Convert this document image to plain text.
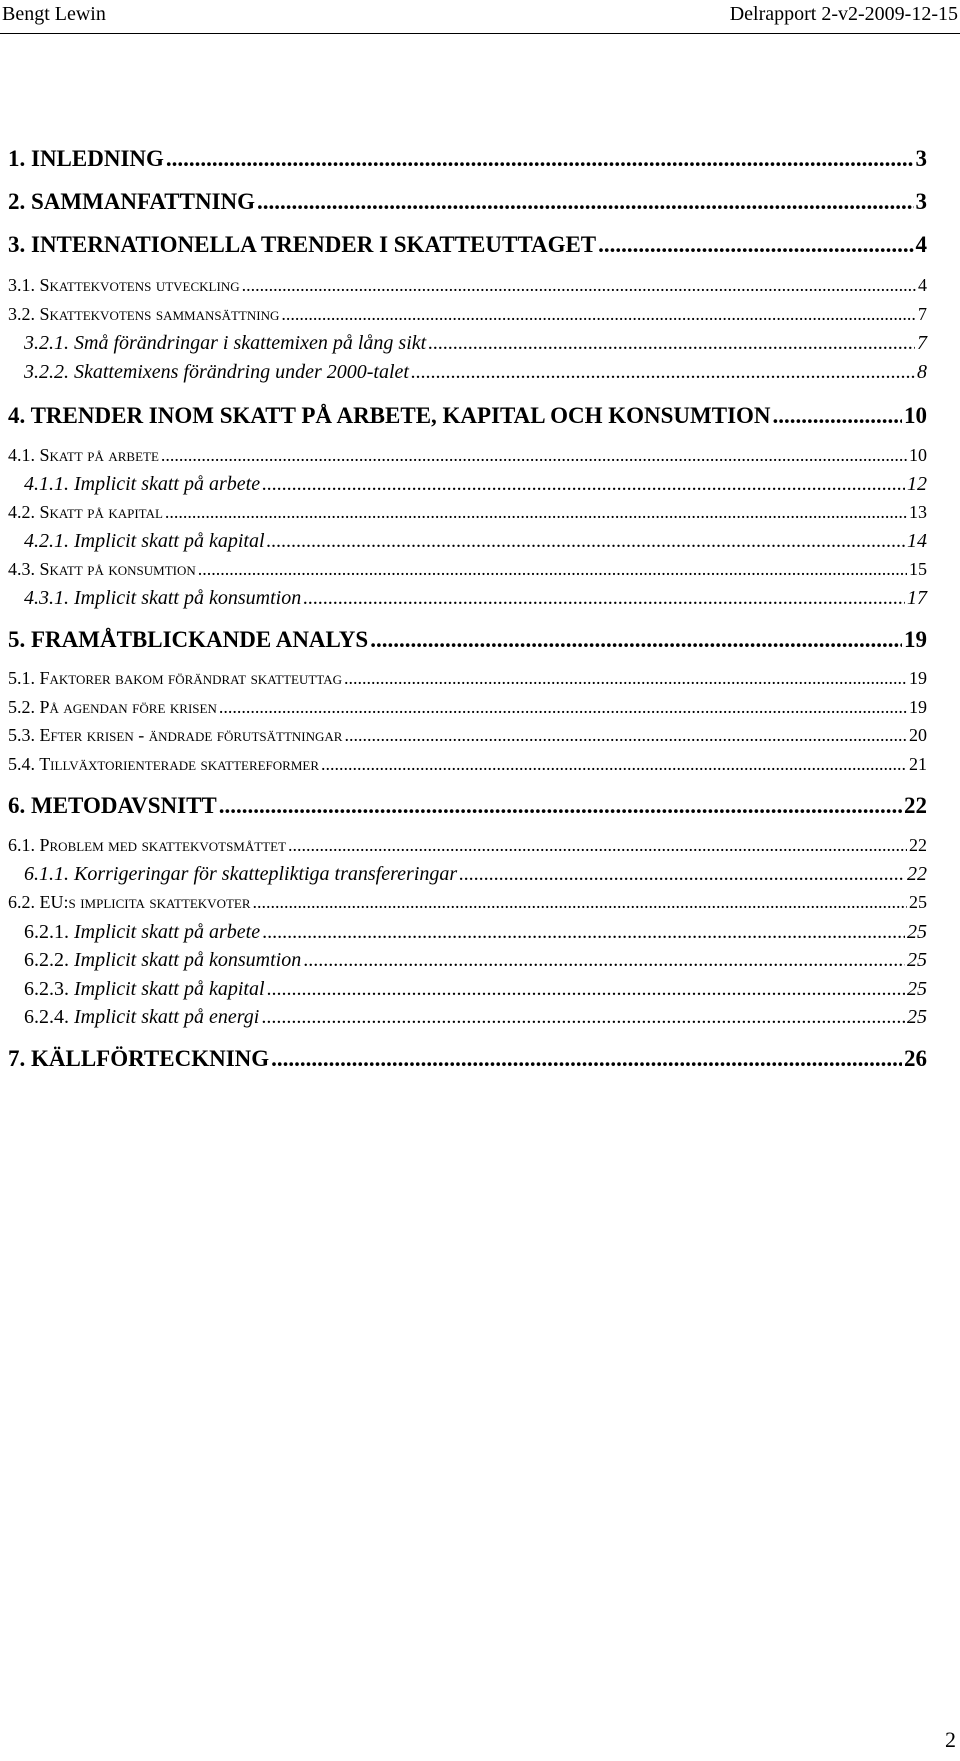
Bengt Lewin	Delrapport 2-v2-2009-12-15
1. INLEDNING .....	3
2. SAMMANFATTNING .....	3
3. INTERNATIONELLA TRENDER I SKATTEUTTAGET .....	4
3.1. Skattekvotens utveckling .....	4
3.2. Skattekvotens sammansättning .....	7
3.2.1. Små förändringar i skattemixen på lång sikt .....	7
3.2.2. Skattemixens förändring under 2000-talet .....	8
4. TRENDER INOM SKATT PÅ ARBETE, KAPITAL OCH KONSUMTION .....	10
4.1. Skatt på arbete .....	10
4.1.1. Implicit skatt på arbete .....	12
4.2. Skatt på kapital .....	13
4.2.1. Implicit skatt på kapital .....	14
4.3. Skatt på konsumtion .....	15
4.3.1. Implicit skatt på konsumtion .....	17
5. FRAMÅTBLICKANDE ANALYS .....	19
5.1. Faktorer bakom förändrat skatteuttag .....	19
5.2. På agendan före krisen .....	19
5.3. Efter krisen - ändrade förutsättningar .....	20
5.4. Tillväxtorienterade skattereformer .....	21
6. METODAVSNITT .....	22
6.1. Problem med skattekvotsmåttet .....	22
6.1.1. Korrigeringar för skattepliktiga transfereringar .....	22
6.2. EU:s implicita skattekvoter .....	25
6.2.1. Implicit skatt på arbete .....	25
6.2.2. Implicit skatt på konsumtion .....	25
6.2.3. Implicit skatt på kapital .....	25
6.2.4. Implicit skatt på energi .....	25
7. KÄLLFÖRTECKNING .....	26
2
